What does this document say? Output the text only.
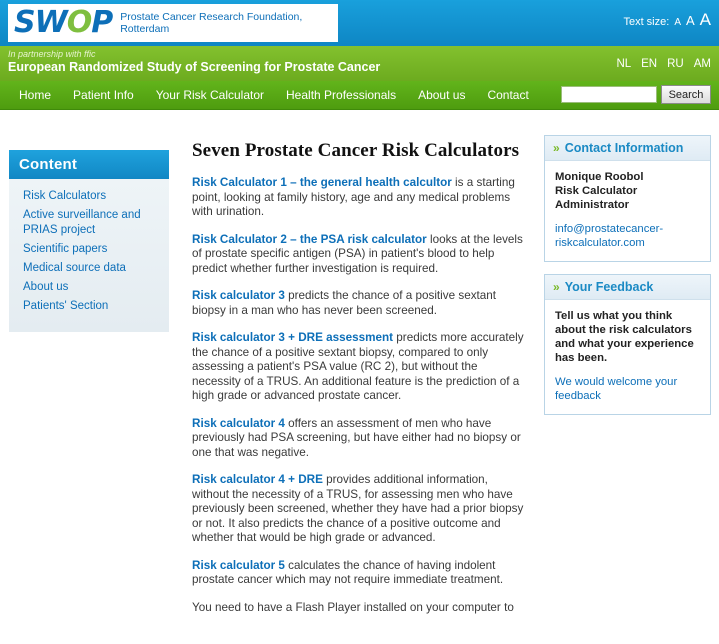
SWOP Prostate Cancer Research Foundation, Rotterdam
Text size: A A A
In partnership with ffic
European Randomized Study of Screening for Prostate Cancer	NL EN RU AM
Home	Patient Info	Your Risk Calculator	Health Professionals	About us	Contact	Search
Content
Risk Calculators
Active surveillance and PRIAS project
Scientific papers
Medical source data
About us
Patients' Section
Seven Prostate Cancer Risk Calculators
Risk Calculator 1 – the general health calcultor is a starting point, looking at family history, age and any medical problems with urination.
Risk Calculator 2 – the PSA risk calculator looks at the levels of prostate specific antigen (PSA) in patient's blood to help predict whether further investigation is required.
Risk calculator 3 predicts the chance of a positive sextant biopsy in a man who has never been screened.
Risk calculator 3 + DRE assessment predicts more accurately the chance of a positive sextant biopsy, compared to only assessing a patient's PSA value (RC 2), but without the necessity of a TRUS. An additional feature is the prediction of a high grade or advanced prostate cancer.
Risk calculator 4 offers an assessment of men who have previously had PSA screening, but have either had no biopsy or one that was negative.
Risk calculator 4 + DRE provides additional information, without the necessity of a TRUS, for assessing men who have previously been screened, whether they have had a prior biopsy or not. It also predicts the chance of a positive outcome and whether that would be high grade or advanced.
Risk calculator 5 calculates the chance of having indolent prostate cancer which may not require immediate treatment.
You need to have a Flash Player installed on your computer to
» Contact Information
Monique Roobol
Risk Calculator
Administrator
info@prostatecancer-
riskcalculator.com
» Your Feedback
Tell us what you think about the risk calculators and what your experience has been.
We would welcome your
feedback
